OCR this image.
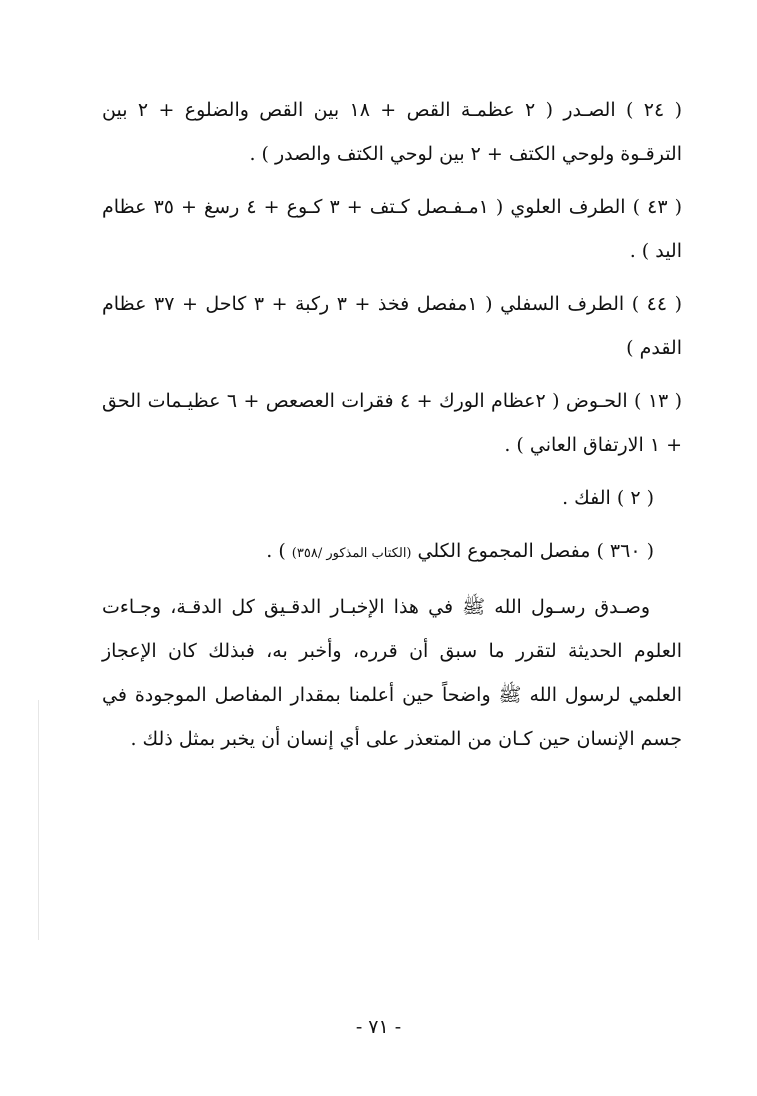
( ٢٤ ) الصـدر ( ٢ عظمـة القص + ١٨ بين القص والضلوع + ٢ بين الترقـوة ولوحي الكتف + ٢ بين لوحي الكتف والصدر ) .

( ٤٣ ) الطرف العلوي ( ١مـفـصل كـتف + ٣ كـوع + ٤ رسغ + ٣٥ عظام اليد ) .

( ٤٤ ) الطرف السفلي ( ١مفصل فخذ + ٣ ركبة + ٣ كاحل + ٣٧ عظام القدم )

( ١٣ ) الحـوض ( ٢عظام الورك + ٤ فقرات العصعص + ٦ عظيـمات الحق + ١ الارتفاق العاني ) .

( ٢ ) الفك .

( ٣٦٠ ) مفصل المجموع الكلي (الكتاب المذكور /٣٥٨) ) .

وصـدق رسـول الله ﷺ في هذا الإخبـار الدقـيق كل الدقـة، وجـاءت العلوم الحديثة لتقرر ما سبق أن قرره، وأخبر به، فبذلك كان الإعجاز العلمي لرسول الله ﷺ واضحاً حين أعلمنا بمقدار المفاصل الموجودة في جسم الإنسان حين كـان من المتعذر على أي إنسان أن يخبر بمثل ذلك .

- ٧١ -
